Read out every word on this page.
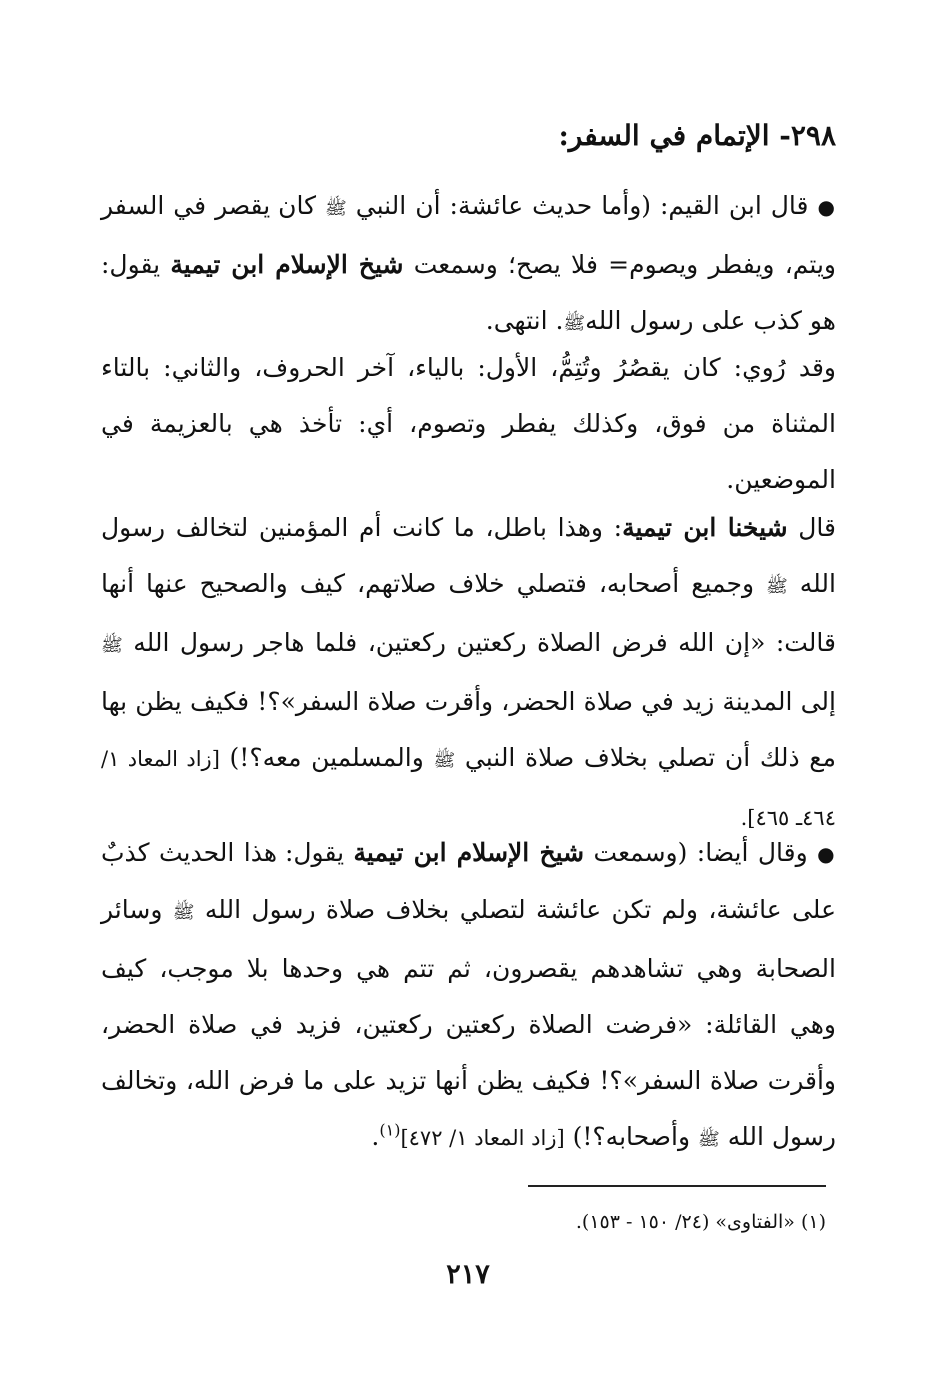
٢٩٨- الإتمام في السفر:
● قال ابن القيم: (وأما حديث عائشة: أن النبي ﷺ كان يقصر في السفر ويتم، ويفطر ويصوم= فلا يصح؛ وسمعت شيخ الإسلام ابن تيمية يقول: هو كذب على رسول اللهﷺ. انتهى.
وقد رُوي: كان يقصُرُ وتُتِمُّ، الأول: بالياء، آخر الحروف، والثاني: بالتاء المثناة من فوق، وكذلك يفطر وتصوم، أي: تأخذ هي بالعزيمة في الموضعين.
قال شيخنا ابن تيمية: وهذا باطل، ما كانت أم المؤمنين لتخالف رسول الله ﷺ وجميع أصحابه، فتصلي خلاف صلاتهم، كيف والصحيح عنها أنها قالت: «إن الله فرض الصلاة ركعتين ركعتين، فلما هاجر رسول الله ﷺ إلى المدينة زيد في صلاة الحضر، وأقرت صلاة السفر»؟! فكيف يظن بها مع ذلك أن تصلي بخلاف صلاة النبي ﷺ والمسلمين معه؟!) [زاد المعاد ١/ ٤٦٤ـ ٤٦٥].
● وقال أيضا: (وسمعت شيخ الإسلام ابن تيمية يقول: هذا الحديث كذبٌ على عائشة، ولم تكن عائشة لتصلي بخلاف صلاة رسول الله ﷺ وسائر الصحابة وهي تشاهدهم يقصرون، ثم تتم هي وحدها بلا موجب، كيف وهي القائلة: «فرضت الصلاة ركعتين ركعتين، فزيد في صلاة الحضر، وأقرت صلاة السفر»؟! فكيف يظن أنها تزيد على ما فرض الله، وتخالف رسول الله ﷺ وأصحابه؟!) [زاد المعاد ١/ ٤٧٢]$^{(١)}$.
(١) «الفتاوى» (٢٤/ ١٥٠ - ١٥٣).
٢١٧
